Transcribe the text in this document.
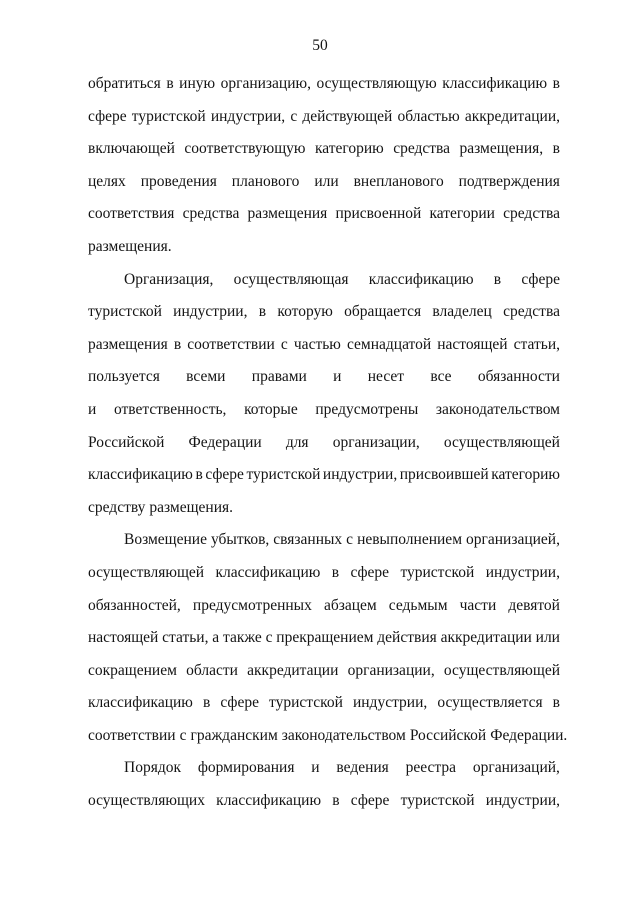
50
обратиться в иную организацию, осуществляющую классификацию в
сфере туристской индустрии, с действующей областью аккредитации,
включающей соответствующую категорию средства размещения, в
целях проведения планового или внепланового подтверждения
соответствия средства размещения присвоенной категории средства
размещения.
Организация, осуществляющая классификацию в сфере
туристской индустрии, в которую обращается владелец средства
размещения в соответствии с частью семнадцатой настоящей статьи,
пользуется всеми правами и несет все обязанности
и ответственность, которые предусмотрены законодательством
Российской Федерации для организации, осуществляющей
классификацию в сфере туристской индустрии, присвоившей категорию
средству размещения.
Возмещение убытков, связанных с невыполнением организацией,
осуществляющей классификацию в сфере туристской индустрии,
обязанностей, предусмотренных абзацем седьмым части девятой
настоящей статьи, а также с прекращением действия аккредитации или
сокращением области аккредитации организации, осуществляющей
классификацию в сфере туристской индустрии, осуществляется в
соответствии с гражданским законодательством Российской Федерации.
Порядок формирования и ведения реестра организаций,
осуществляющих классификацию в сфере туристской индустрии,
